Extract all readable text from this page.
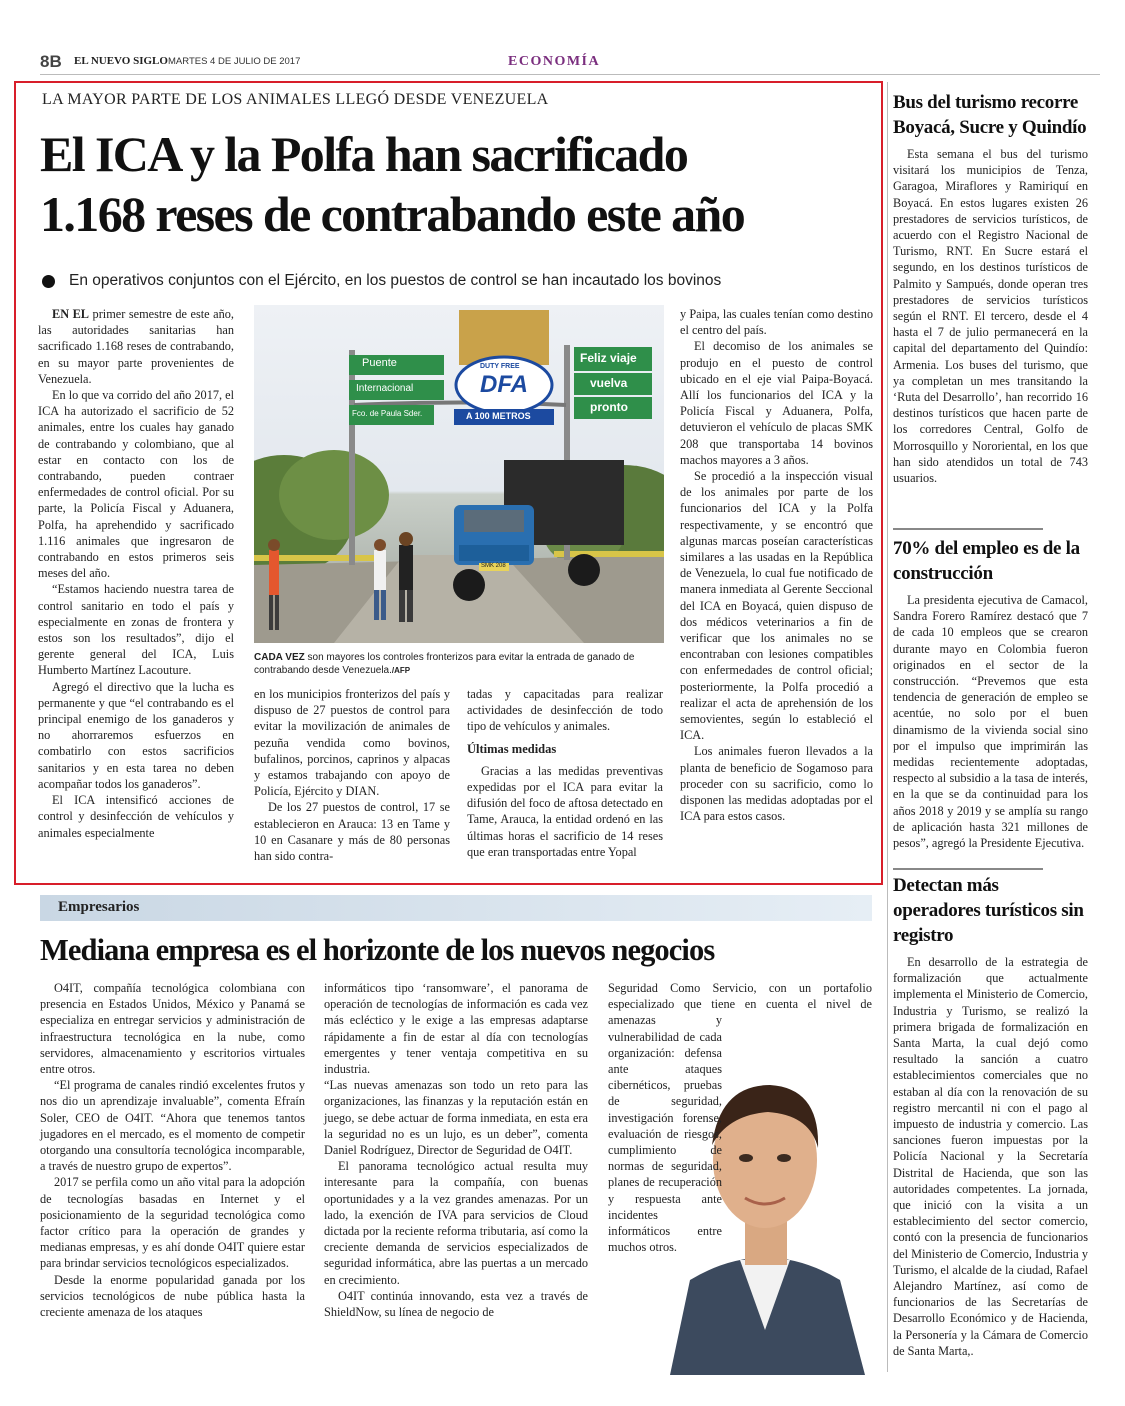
8B EL NUEVO SIGLO MARTES 4 DE JULIO DE 2017	ECONOMÍA
LA MAYOR PARTE DE LOS ANIMALES LLEGÓ DESDE VENEZUELA
El ICA y la Polfa han sacrificado
1.168 reses de contrabando este año
En operativos conjuntos con el Ejército, en los puestos de control se han incautado los bovinos

EN EL primer semestre de este año, las autoridades sanitarias han sacrificado 1.168 reses de contrabando, en su mayor parte provenientes de Venezuela.

En lo que va corrido del año 2017, el ICA ha autorizado el sacrificio de 52 animales, entre los cuales hay ganado de contrabando y colombiano, que al estar en contacto con los de contrabando, pueden contraer enfermedades de control oficial. Por su parte, la Policía Fiscal y Aduanera, Polfa, ha aprehendido y sacrificado 1.116 animales que ingresaron de contrabando en estos primeros seis meses del año.

“Estamos haciendo nuestra tarea de control sanitario en todo el país y especialmente en zonas de frontera y estos son los resultados”, dijo el gerente general del ICA, Luis Humberto Martínez Lacouture.

Agregó el directivo que la lucha es permanente y que “el contrabando es el principal enemigo de los ganaderos y no ahorraremos esfuerzos en combatirlo con estos sacrificios sanitarios y en esta tarea no deben acompañar todos los ganaderos”.

El ICA intensificó acciones de control y desinfección de vehículos y animales especialmente

Puente
Internacional
Fco. de Paula Sder.
Feliz viaje
vuelva
pronto
DUTY FREE
DFA
A 100 METROS
SMK 208
CADA VEZ son mayores los controles fronterizos para evitar la entrada de ganado de contrabando desde Venezuela./AFP

en los municipios fronterizos del país y dispuso de 27 puestos de control para evitar la movilización de animales de pezuña vendida como bovinos, bufalinos, porcinos, caprinos y alpacas y estamos trabajando con apoyo de Policía, Ejército y DIAN.

De los 27 puestos de control, 17 se establecieron en Arauca: 13 en Tame y 10 en Casanare y más de 80 personas han sido contra-

tadas y capacitadas para realizar actividades de desinfección de todo tipo de vehículos y animales.

Últimas medidas

Gracias a las medidas preventivas expedidas por el ICA para evitar la difusión del foco de aftosa detectado en Tame, Arauca, la entidad ordenó en las últimas horas el sacrificio de 14 reses que eran transportadas entre Yopal

y Paipa, las cuales tenían como destino el centro del país.

El decomiso de los animales se produjo en el puesto de control ubicado en el eje vial Paipa-Boyacá. Allí los funcionarios del ICA y la Policía Fiscal y Aduanera, Polfa, detuvieron el vehículo de placas SMK 208 que transportaba 14 bovinos machos mayores a 3 años.

Se procedió a la inspección visual de los animales por parte de los funcionarios del ICA y la Polfa respectivamente, y se encontró que algunas marcas poseían características similares a las usadas en la República de Venezuela, lo cual fue notificado de manera inmediata al Gerente Seccional del ICA en Boyacá, quien dispuso de dos médicos veterinarios a fin de verificar que los animales no se encontraban con lesiones compatibles con enfermedades de control oficial; posteriormente, la Polfa procedió a realizar el acta de aprehensión de los semovientes, según lo estableció el ICA.

Los animales fueron llevados a la planta de beneficio de Sogamoso para proceder con su sacrificio, como lo disponen las medidas adoptadas por el ICA para estos casos.

Bus del turismo recorre Boyacá, Sucre y Quindío

Esta semana el bus del turismo visitará los municipios de Tenza, Garagoa, Miraflores y Ramiriquí en Boyacá. En estos lugares existen 26 prestadores de servicios turísticos, de acuerdo con el Registro Nacional de Turismo, RNT. En Sucre estará el segundo, en los destinos turísticos de Palmito y Sampués, donde operan tres prestadores de servicios turísticos según el RNT. El tercero, desde el 4 hasta el 7 de julio permanecerá en la capital del departamento del Quindío: Armenia. Los buses del turismo, que ya completan un mes transitando la ‘Ruta del Desarrollo’, han recorrido 16 destinos turísticos que hacen parte de los corredores Central, Golfo de Morrosquillo y Nororiental, en los que han sido atendidos un total de 743 usuarios.

70% del empleo es de la construcción

La presidenta ejecutiva de Camacol, Sandra Forero Ramírez destacó que 7 de cada 10 empleos que se crearon durante mayo en Colombia fueron originados en el sector de la construcción. “Prevemos que esta tendencia de generación de empleo se acentúe, no solo por el buen dinamismo de la vivienda social sino por el impulso que imprimirán las medidas recientemente adoptadas, respecto al subsidio a la tasa de interés, en la que se da continuidad para los años 2018 y 2019 y se amplía su rango de aplicación hasta 321 millones de pesos”, agregó la Presidente Ejecutiva.

Detectan más operadores turísticos sin registro

En desarrollo de la estrategia de formalización que actualmente implementa el Ministerio de Comercio, Industria y Turismo, se realizó la primera brigada de formalización en Santa Marta, la cual dejó como resultado la sanción a cuatro establecimientos comerciales que no estaban al día con la renovación de su registro mercantil ni con el pago al impuesto de industria y comercio. Las sanciones fueron impuestas por la Policía Nacional y la Secretaría Distrital de Hacienda, que son las autoridades competentes. La jornada, que inició con la visita a un establecimiento del sector comercio, contó con la presencia de funcionarios del Ministerio de Comercio, Industria y Turismo, el alcalde de la ciudad, Rafael Alejandro Martínez, así como de funcionarios de las Secretarías de Desarrollo Económico y de Hacienda, la Personería y la Cámara de Comercio de Santa Marta,.

Empresarios
Mediana empresa es el horizonte de los nuevos negocios

O4IT, compañía tecnológica colombiana con presencia en Estados Unidos, México y Panamá se especializa en entregar servicios y administración de infraestructura tecnológica en la nube, como servidores, almacenamiento y escritorios virtuales entre otros.

“El programa de canales rindió excelentes frutos y nos dio un aprendizaje invaluable”, comenta Efraín Soler, CEO de O4IT. “Ahora que tenemos tantos jugadores en el mercado, es el momento de competir otorgando una consultoría tecnológica incomparable, a través de nuestro grupo de expertos”.

2017 se perfila como un año vital para la adopción de tecnologías basadas en Internet y el posicionamiento de la seguridad tecnológica como factor crítico para la operación de grandes y medianas empresas, y es ahí donde O4IT quiere estar para brindar servicios tecnológicos especializados.

Desde la enorme popularidad ganada por los servicios tecnológicos de nube pública hasta la creciente amenaza de los ataques

informáticos tipo ‘ransomware’, el panorama de operación de tecnologías de información es cada vez más ecléctico y le exige a las empresas adaptarse rápidamente a fin de estar al día con tecnologías emergentes y tener ventaja competitiva en su industria.

“Las nuevas amenazas son todo un reto para las organizaciones, las finanzas y la reputación están en juego, se debe actuar de forma inmediata, en esta era la seguridad no es un lujo, es un deber”, comenta Daniel Rodríguez, Director de Seguridad de O4IT.

El panorama tecnológico actual resulta muy interesante para la compañía, con buenas oportunidades y a la vez grandes amenazas. Por un lado, la exención de IVA para servicios de Cloud dictada por la reciente reforma tributaria, así como la creciente demanda de servicios especializados de seguridad informática, abre las puertas a un mercado en crecimiento.

O4IT continúa innovando, esta vez a través de ShieldNow, su línea de negocio de

Seguridad Como Servicio, con un portafolio especializado que tiene en cuenta el nivel de amenazas y vulnerabilidad de cada organización: defensa ante ataques cibernéticos, pruebas de seguridad, investigación forense, evaluación de riesgos, cumplimiento de normas de seguridad, planes de recuperación y respuesta ante incidentes informáticos entre muchos otros.
